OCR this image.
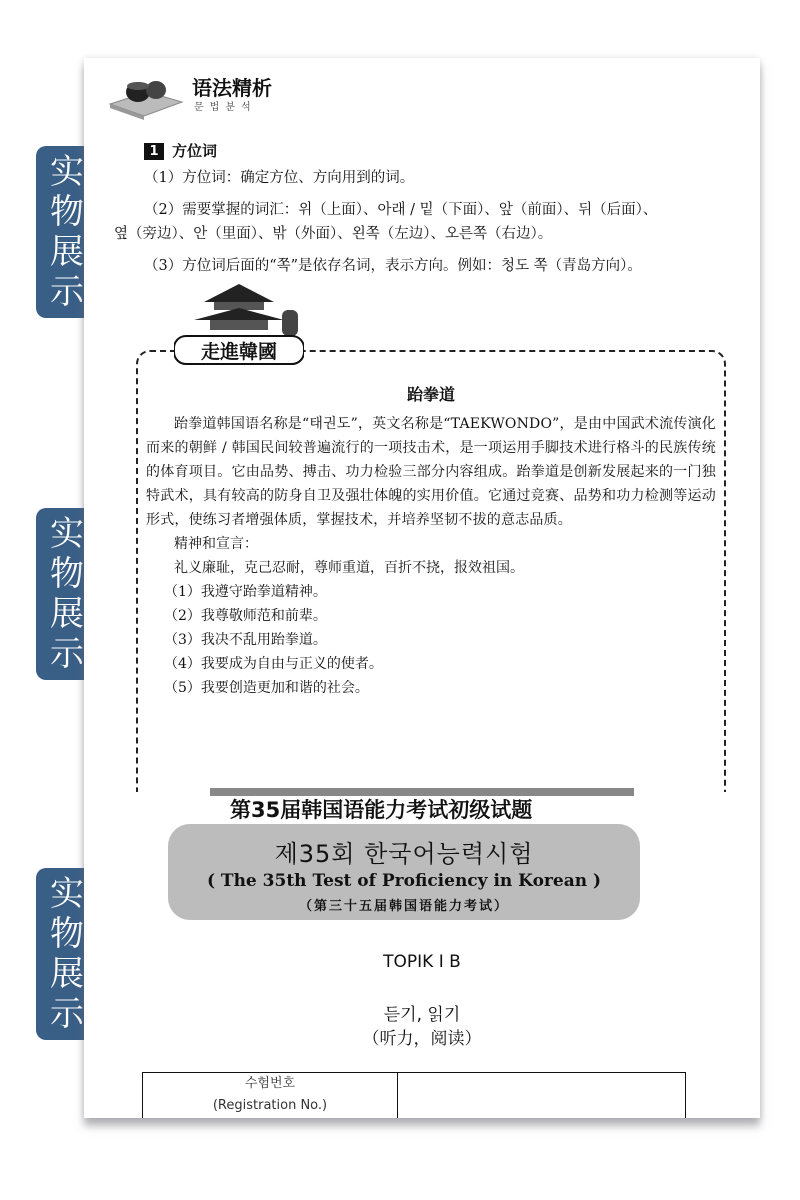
实
物
展
示
实
物
展
示
实
物
展
示
语法精析
문법분석
1 方位词
（1）方位词：确定方位、方向用到的词。
（2）需要掌握的词汇：위（上面）、아래 / 밑（下面）、앞（前面）、뒤（后面）、
옆（旁边）、안（里面）、밖（外面）、왼쪽（左边）、오른쪽（右边）。
（3）方位词后面的“쪽”是依存名词，表示方向。例如：청도 쪽（青岛方向）。
跆拳道

跆拳道韩国语名称是“태권도”，英文名称是“TAEKWONDO”，是由中国武术流传演化而来的朝鲜 / 韩国民间较普遍流行的一项技击术，是一项运用手脚技术进行格斗的民族传统的体育项目。它由品势、搏击、功力检验三部分内容组成。跆拳道是创新发展起来的一门独特武术，具有较高的防身自卫及强壮体魄的实用价值。它通过竞赛、品势和功力检测等运动形式，使练习者增强体质，掌握技术，并培养坚韧不拔的意志品质。

精神和宣言：

礼义廉耻，克己忍耐，尊师重道，百折不挠，报效祖国。

（1）我遵守跆拳道精神。

（2）我尊敬师范和前辈。

（3）我决不乱用跆拳道。

（4）我要成为自由与正义的使者。

（5）我要创造更加和谐的社会。

走進韓國
第35届韩国语能力考试初级试题
제35회 한국어능력시험
( The 35th Test of Proficiency in Korean )
（第三十五届韩国语能力考试）
TOPIK Ⅰ B
듣기, 읽기
（听力，阅读）
수험번호
(Registration No.)
